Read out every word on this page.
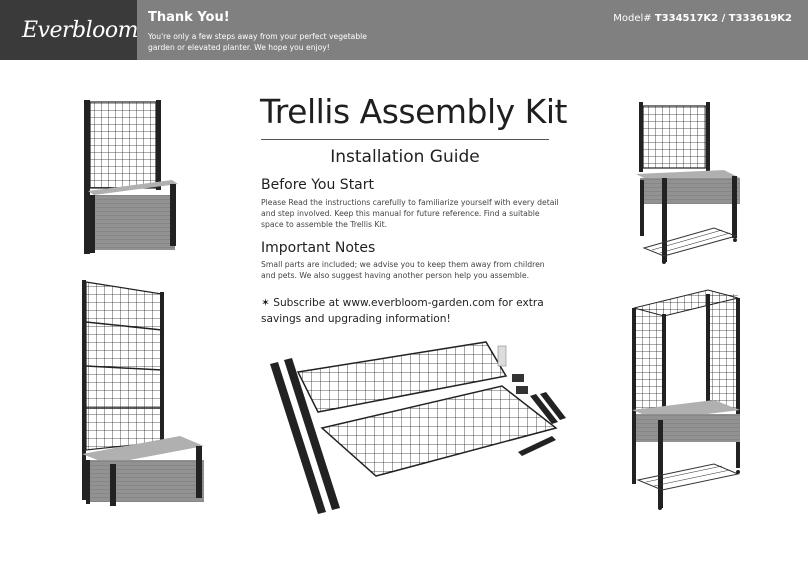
Everbloom
Thank You!
You're only a few steps away from your perfect vegetable garden or elevated planter. We hope you enjoy!
Model# T334517K2 / T333619K2
Trellis Assembly Kit
Installation Guide
Before You Start
Please Read the instructions carefully to familiarize yourself with every detail and step involved. Keep this manual for future reference. Find a suitable space to assemble the Trellis Kit.
Important Notes
Small parts are included; we advise you to keep them away from children and pets. We also suggest having another person help you assemble.
✶ Subscribe at www.everbloom-garden.com for extra savings and upgrading information!
